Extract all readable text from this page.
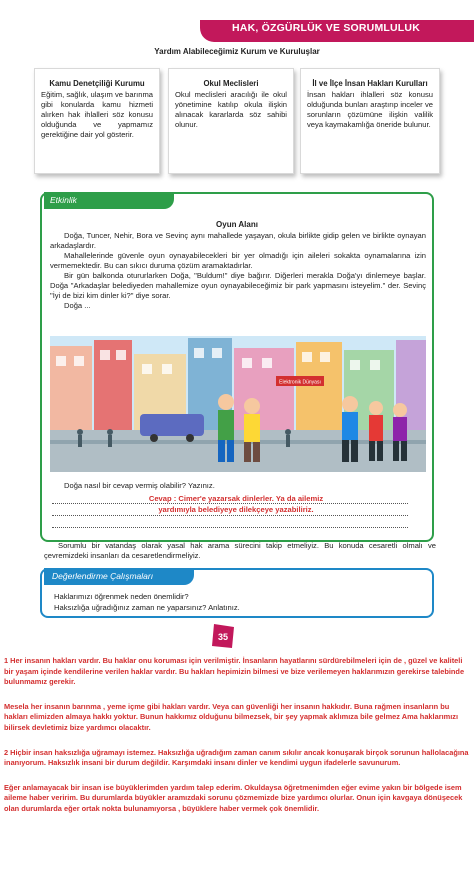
HAK, ÖZGÜRLÜK VE SORUMLULUK
Yardım Alabileceğimiz Kurum ve Kuruluşlar
Kamu Denetçiliği Kurumu
Eğitim, sağlık, ulaşım ve barınma gibi konularda kamu hizmeti alırken hak ihlalleri söz konusu olduğunda ve yapmamız gerektiğine dair yol gösterir.
Okul Meclisleri
Okul meclisleri aracılığı ile okul yönetimine katılıp okula ilişkin alınacak kararlarda söz sahibi olunur.
İl ve İlçe İnsan Hakları Kurulları
İnsan hakları ihlalleri söz konusu olduğunda bunları araştırıp inceler ve sorunların çözümüne ilişkin valilik veya kaymakamlığa öneride bulunur.
Etkinlik
Oyun Alanı

Doğa, Tuncer, Nehir, Bora ve Sevinç aynı mahallede yaşayan, okula birlikte gidip gelen ve birlikte oynayan arkadaşlardır.

Mahallelerinde güvenle oyun oynayabilecekleri bir yer olmadığı için aileleri sokakta oynamalarına izin vermemektedir. Bu can sıkıcı duruma çözüm aramaktadırlar.

Bir gün balkonda otururlarken Doğa, "Buldum!" diye bağırır. Diğerleri merakla Doğa'yı dinlemeye başlar. Doğa "Arkadaşlar belediyeden mahallemize oyun oynayabileceğimiz bir park yapmasını isteyelim." der. Sevinç "İyi de bizi kim dinler ki?" diye sorar.

Doğa ...

Elektronik Dünyası
Doğa nasıl bir cevap vermiş olabilir? Yazınız.
Cevap : Cimer'e yazarsak dinlerler. Ya da ailemiz
yardımıyla belediyeye dilekçeye yazabiliriz.

Sorumlu bir vatandaş olarak yasal hak arama sürecini takip etmeliyiz. Bu konuda cesaretli olmalı ve çevremizdeki insanları da cesaretlendirmeliyiz.

Değerlendirme Çalışmaları
Haklarımızı öğrenmek neden önemlidir?
Haksızlığa uğradığınız zaman ne yaparsınız? Anlatınız.
35

1 Her insanın hakları vardır. Bu haklar onu koruması için verilmiştir. İnsanların hayatlarını sürdürebilmeleri için de , güzel ve kaliteli bir yaşam içinde kendilerine verilen haklar vardır. Bu hakları hepimizin bilmesi ve bize verilemeyen haklarımızın gerekirse talebinde bulunmamız gerekir.

Mesela her insanın barınma , yeme içme gibi hakları vardır. Veya can güvenliği her insanın hakkıdır. Buna rağmen insanların bu hakları elimizden almaya hakkı yoktur. Bunun hakkımız olduğunu bilmezsek, bir şey yapmak aklımıza bile gelmez Ama haklarımızı bilirsek devletimiz bize yardımcı olacaktır.

2 Hiçbir insan haksızlığa uğramayı istemez. Haksızlığa uğradığım zaman canım sıkılır ancak konuşarak birçok sorunun hallolacağına inanıyorum. Haksızlık insani bir durum değildir. Karşımdaki insanı dinler ve kendimi uygun ifadelerle savunurum.

Eğer anlamayacak bir insan ise büyüklerimden yardım talep ederim. Okuldaysa öğretmenimden eğer evime yakın bir bölgede isem aileme haber veririm. Bu durumlarda büyükler aramızdaki sorunu çözmemizde bize yardımcı olurlar. Onun için kavgaya dönüşecek olan durumlarda eğer ortak nokta bulunamıyorsa , büyüklere haber vermek çok önemlidir.
